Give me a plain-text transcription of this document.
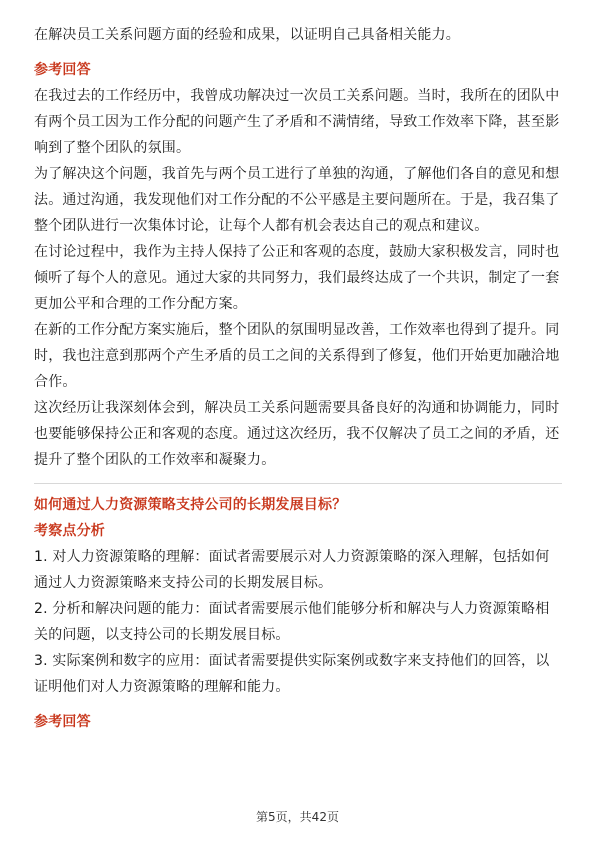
在解决员工关系问题方面的经验和成果，以证明自己具备相关能力。

参考回答

在我过去的工作经历中，我曾成功解决过一次员工关系问题。当时，我所在的团队中有两个员工因为工作分配的问题产生了矛盾和不满情绪，导致工作效率下降，甚至影响到了整个团队的氛围。

为了解决这个问题，我首先与两个员工进行了单独的沟通，了解他们各自的意见和想法。通过沟通，我发现他们对工作分配的不公平感是主要问题所在。于是，我召集了整个团队进行一次集体讨论，让每个人都有机会表达自己的观点和建议。

在讨论过程中，我作为主持人保持了公正和客观的态度，鼓励大家积极发言，同时也倾听了每个人的意见。通过大家的共同努力，我们最终达成了一个共识，制定了一套更加公平和合理的工作分配方案。

在新的工作分配方案实施后，整个团队的氛围明显改善，工作效率也得到了提升。同时，我也注意到那两个产生矛盾的员工之间的关系得到了修复，他们开始更加融洽地合作。

这次经历让我深刻体会到，解决员工关系问题需要具备良好的沟通和协调能力，同时也要能够保持公正和客观的态度。通过这次经历，我不仅解决了员工之间的矛盾，还提升了整个团队的工作效率和凝聚力。

如何通过人力资源策略支持公司的长期发展目标？

考察点分析

1. 对人力资源策略的理解：面试者需要展示对人力资源策略的深入理解，包括如何通过人力资源策略来支持公司的长期发展目标。

2. 分析和解决问题的能力：面试者需要展示他们能够分析和解决与人力资源策略相关的问题，以支持公司的长期发展目标。

3. 实际案例和数字的应用：面试者需要提供实际案例或数字来支持他们的回答，以证明他们对人力资源策略的理解和能力。

参考回答

第5页，共42页
